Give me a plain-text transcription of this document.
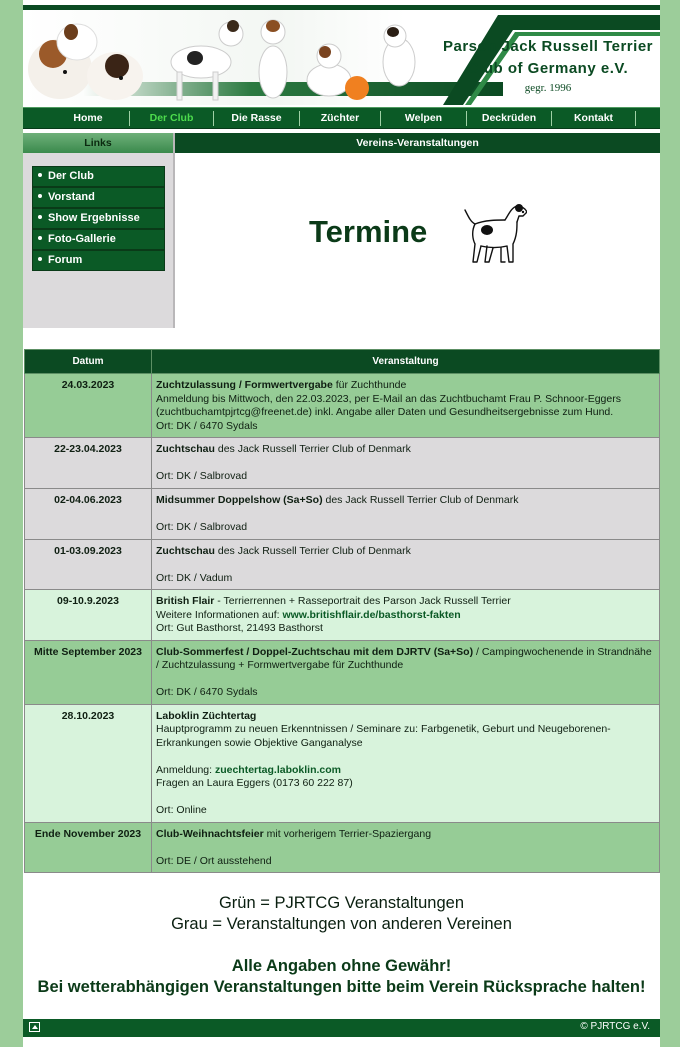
Parson Jack Russell Terrier
Club of Germany e.V.
gegr. 1996
Home	Der Club	Die Rasse	Züchter	Welpen	Deckrüden	Kontakt
Links
Der Club
Vorstand
Show Ergebnisse
Foto-Gallerie
Forum
Vereins-Veranstaltungen
Termine
Datum	Veranstaltung
24.03.2023	Zuchtzulassung / Formwertvergabe für Zuchthunde
Anmeldung bis Mittwoch, den 22.03.2023, per E-Mail an das Zuchtbuchamt Frau P. Schnoor-Eggers (zuchtbuchamtpjrtcg@freenet.de) inkl. Angabe aller Daten und Gesundheitsergebnisse zum Hund.
Ort: DK / 6470 Sydals

22-23.04.2023	Zuchtschau des Jack Russell Terrier Club of Denmark
Ort: DK / Salbrovad

02-04.06.2023	Midsummer Doppelshow (Sa+So) des Jack Russell Terrier Club of Denmark
Ort: DK / Salbrovad

01-03.09.2023	Zuchtschau des Jack Russell Terrier Club of Denmark
Ort: DK / Vadum

09-10.9.2023	British Flair - Terrierrennen + Rasseportrait des Parson Jack Russell Terrier
Weitere Informationen auf: www.britishflair.de/basthorst-fakten
Ort: Gut Basthorst, 21493 Basthorst

Mitte September 2023	Club-Sommerfest / Doppel-Zuchtschau mit dem DJRTV (Sa+So) / Campingwochenende in Strandnähe / Zuchtzulassung + Formwertvergabe für Zuchthunde
Ort: DK / 6470 Sydals

28.10.2023	Laboklin Züchtertag
Hauptprogramm zu neuen Erkenntnissen / Seminare zu: Farbgenetik, Geburt und Neugeborenen-Erkrankungen sowie Objektive Ganganalyse
Anmeldung: zuechtertag.laboklin.com
Fragen an Laura Eggers (0173 60 222 87)
Ort: Online

Ende November 2023	Club-Weihnachtsfeier mit vorherigem Terrier-Spaziergang
Ort: DE / Ort ausstehend
Grün = PJRTCG Veranstaltungen
Grau = Veranstaltungen von anderen Vereinen
Alle Angaben ohne Gewähr!
Bei wetterabhängigen Veranstaltungen bitte beim Verein Rücksprache halten!
© PJRTCG e.V.
